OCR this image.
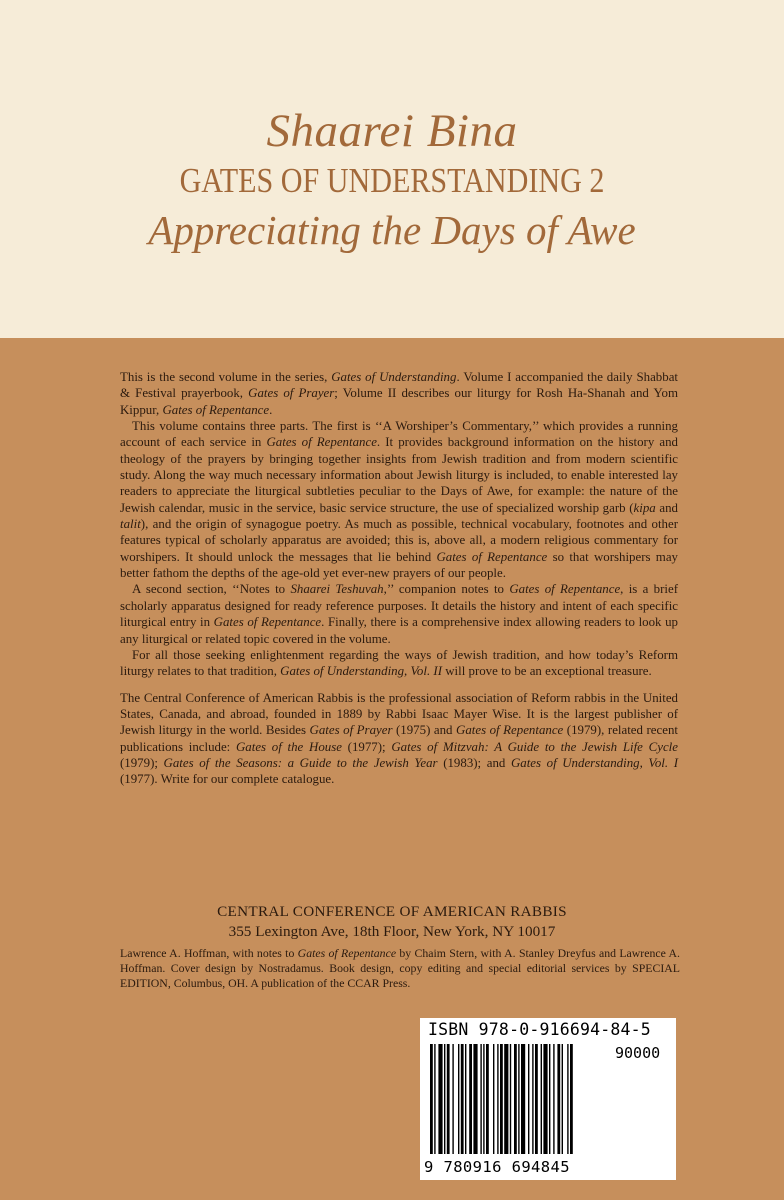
Shaarei Bina
GATES OF UNDERSTANDING 2
Appreciating the Days of Awe

This is the second volume in the series, Gates of Understanding. Volume I accompanied the daily Shabbat & Festival prayerbook, Gates of Prayer; Volume II describes our liturgy for Rosh Ha-Shanah and Yom Kippur, Gates of Repentance.

This volume contains three parts. The first is ‘‘A Worshiper’s Commentary,’’ which provides a running account of each service in Gates of Repentance. It provides background information on the history and theology of the prayers by bringing together insights from Jewish tradition and from modern scientific study. Along the way much necessary information about Jewish liturgy is included, to enable interested lay readers to appreciate the liturgical subtleties peculiar to the Days of Awe, for example: the nature of the Jewish calendar, music in the service, basic service structure, the use of specialized worship garb (kipa and talit), and the origin of synagogue poetry. As much as possible, technical vocabulary, footnotes and other features typical of scholarly apparatus are avoided; this is, above all, a modern religious commentary for worshipers. It should unlock the messages that lie behind Gates of Repentance so that worshipers may better fathom the depths of the age-old yet ever-new prayers of our people.

A second section, ‘‘Notes to Shaarei Teshuvah,’’ companion notes to Gates of Repentance, is a brief scholarly apparatus designed for ready reference purposes. It details the history and intent of each specific liturgical entry in Gates of Repentance. Finally, there is a comprehensive index allowing readers to look up any liturgical or related topic covered in the volume.

For all those seeking enlightenment regarding the ways of Jewish tradition, and how today’s Reform liturgy relates to that tradition, Gates of Understanding, Vol. II will prove to be an exceptional treasure.

The Central Conference of American Rabbis is the professional association of Reform rabbis in the United States, Canada, and abroad, founded in 1889 by Rabbi Isaac Mayer Wise. It is the largest publisher of Jewish liturgy in the world. Besides Gates of Prayer (1975) and Gates of Repentance (1979), related recent publications include: Gates of the House (1977); Gates of Mitzvah: A Guide to the Jewish Life Cycle (1979); Gates of the Seasons: a Guide to the Jewish Year (1983); and Gates of Understanding, Vol. I (1977). Write for our complete catalogue.

CENTRAL CONFERENCE OF AMERICAN RABBIS
355 Lexington Ave, 18th Floor, New York, NY 10017

Lawrence A. Hoffman, with notes to Gates of Repentance by Chaim Stern, with A. Stanley Dreyfus and Lawrence A. Hoffman. Cover design by Nostradamus. Book design, copy editing and special editorial services by SPECIAL EDITION, Columbus, OH. A publication of the CCAR Press.

ISBN 978-0-916694-84-5
90000
9 780916 694845
